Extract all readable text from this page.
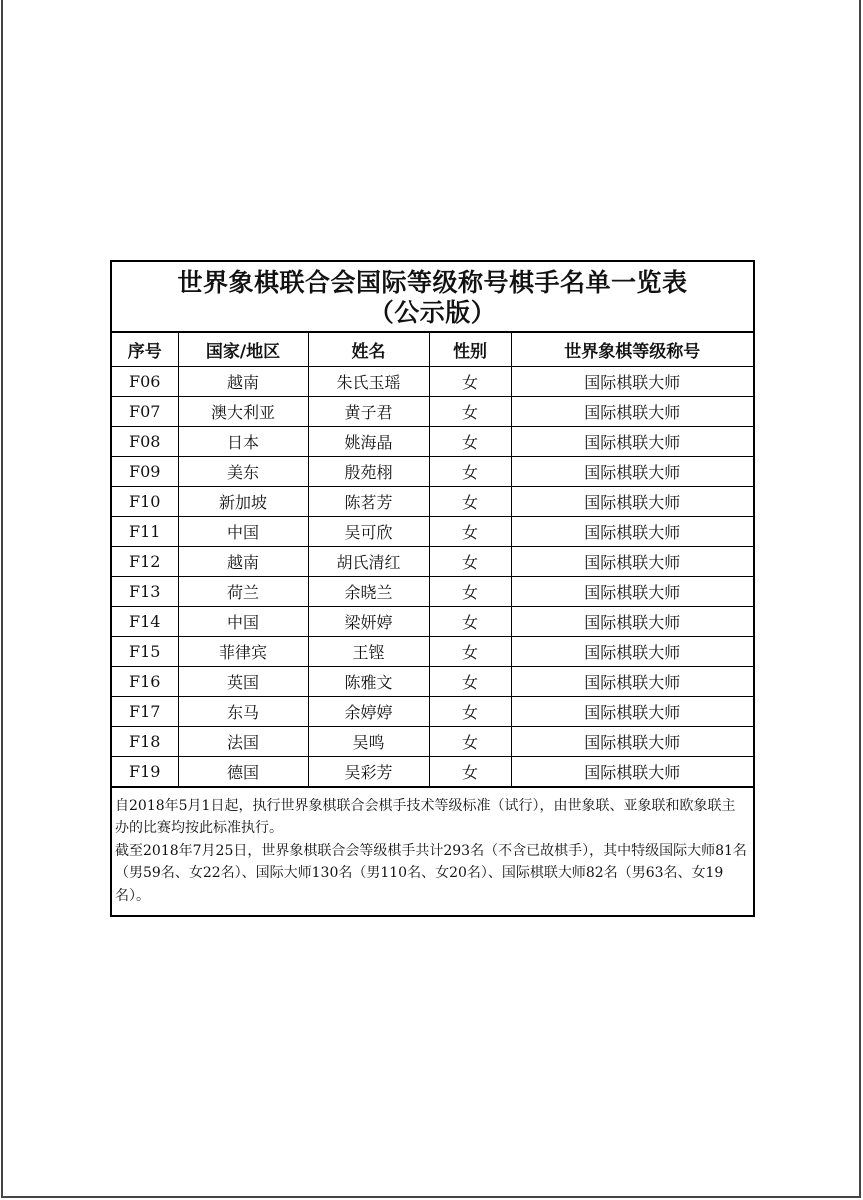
世界象棋联合会国际等级称号棋手名单一览表
（公示版）
序号	国家/地区	姓名	性别	世界象棋等级称号
F06	越南	朱氏玉瑶	女	国际棋联大师
F07	澳大利亚	黄子君	女	国际棋联大师
F08	日本	姚海晶	女	国际棋联大师
F09	美东	殷苑栩	女	国际棋联大师
F10	新加坡	陈茗芳	女	国际棋联大师
F11	中国	吴可欣	女	国际棋联大师
F12	越南	胡氏清红	女	国际棋联大师
F13	荷兰	余晓兰	女	国际棋联大师
F14	中国	梁妍婷	女	国际棋联大师
F15	菲律宾	王铿	女	国际棋联大师
F16	英国	陈雅文	女	国际棋联大师
F17	东马	余婷婷	女	国际棋联大师
F18	法国	吴鸣	女	国际棋联大师
F19	德国	吴彩芳	女	国际棋联大师

自2018年5月1日起，执行世界象棋联合会棋手技术等级标准（试行），由世象联、亚象联和欧象联主办的比赛均按此标准执行。

截至2018年7月25日，世界象棋联合会等级棋手共计293名（不含已故棋手），其中特级国际大师81名（男59名、女22名）、国际大师130名（男110名、女20名）、国际棋联大师82名（男63名、女19名）。
